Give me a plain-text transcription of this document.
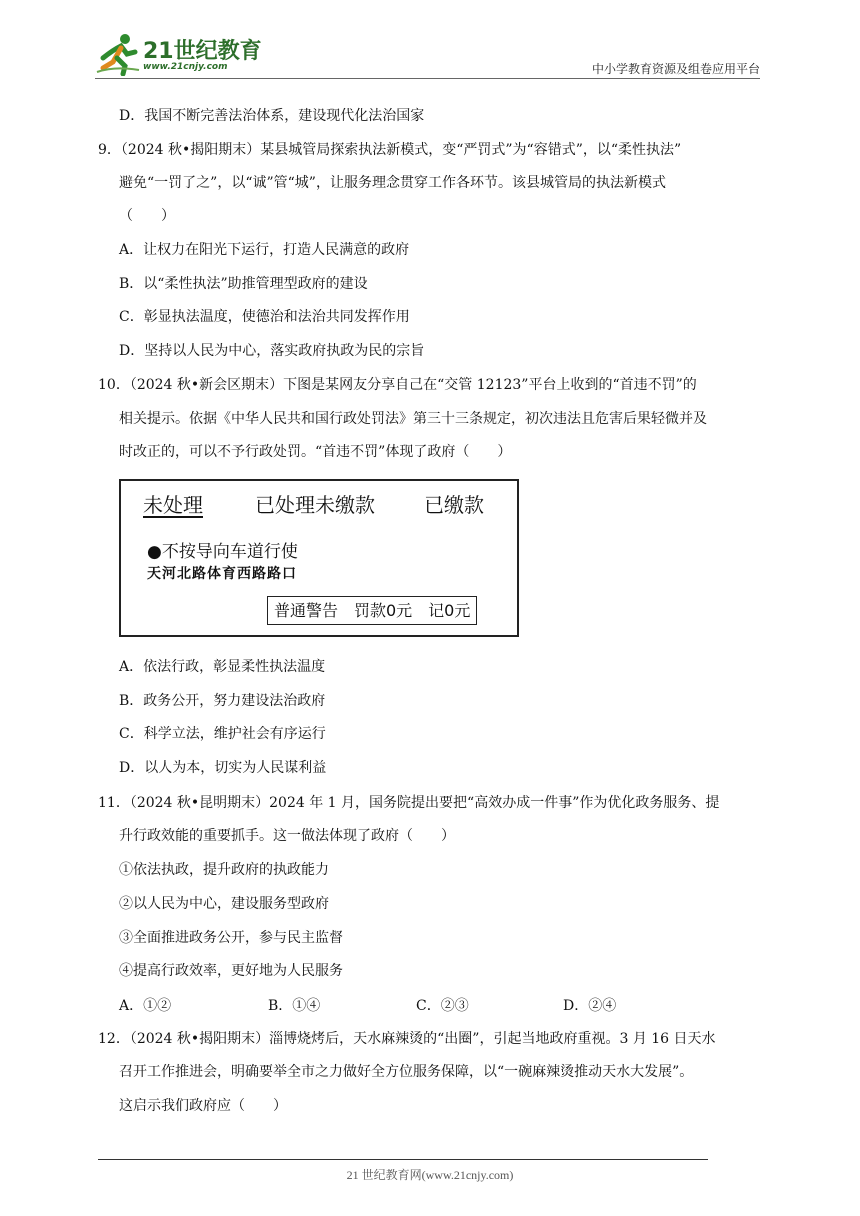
21世纪教育
www.21cnjy.com	中小学教育资源及组卷应用平台
D．我国不断完善法治体系，建设现代化法治国家
9．（2024 秋•揭阳期末）某县城管局探索执法新模式，变“严罚式”为“容错式”，以“柔性执法”
避免“一罚了之”，以“诚”管“城”，让服务理念贯穿工作各环节。该县城管局的执法新模式
（　　）
A．让权力在阳光下运行，打造人民满意的政府
B．以“柔性执法”助推管理型政府的建设
C．彰显执法温度，使德治和法治共同发挥作用
D．坚持以人民为中心，落实政府执政为民的宗旨
10．（2024 秋•新会区期末）下图是某网友分享自己在“交管 12123”平台上收到的“首违不罚”的
相关提示。依据《中华人民共和国行政处罚法》第三十三条规定，初次违法且危害后果轻微并及
时改正的，可以不予行政处罚。“首违不罚”体现了政府（　　）
未处理	已处理未缴款 已缴款
●不按导向车道行使
天河北路体育西路路口
普通警告　罚款0元　记0元
A．依法行政，彰显柔性执法温度
B．政务公开，努力建设法治政府
C．科学立法，维护社会有序运行
D．以人为本，切实为人民谋利益
11．（2024 秋•昆明期末）2024 年 1 月，国务院提出要把“高效办成一件事”作为优化政务服务、提
升行政效能的重要抓手。这一做法体现了政府（　　）
①依法执政，提升政府的执政能力
②以人民为中心，建设服务型政府
③全面推进政务公开，参与民主监督
④提高行政效率，更好地为人民服务
A．①②	B．①④	C．②③	D．②④
12．（2024 秋•揭阳期末）淄博烧烤后，天水麻辣烫的“出圈”，引起当地政府重视。3 月 16 日天水
召开工作推进会，明确要举全市之力做好全方位服务保障，以“一碗麻辣烫推动天水大发展”。
这启示我们政府应（　　）
21 世纪教育网(www.21cnjy.com)
